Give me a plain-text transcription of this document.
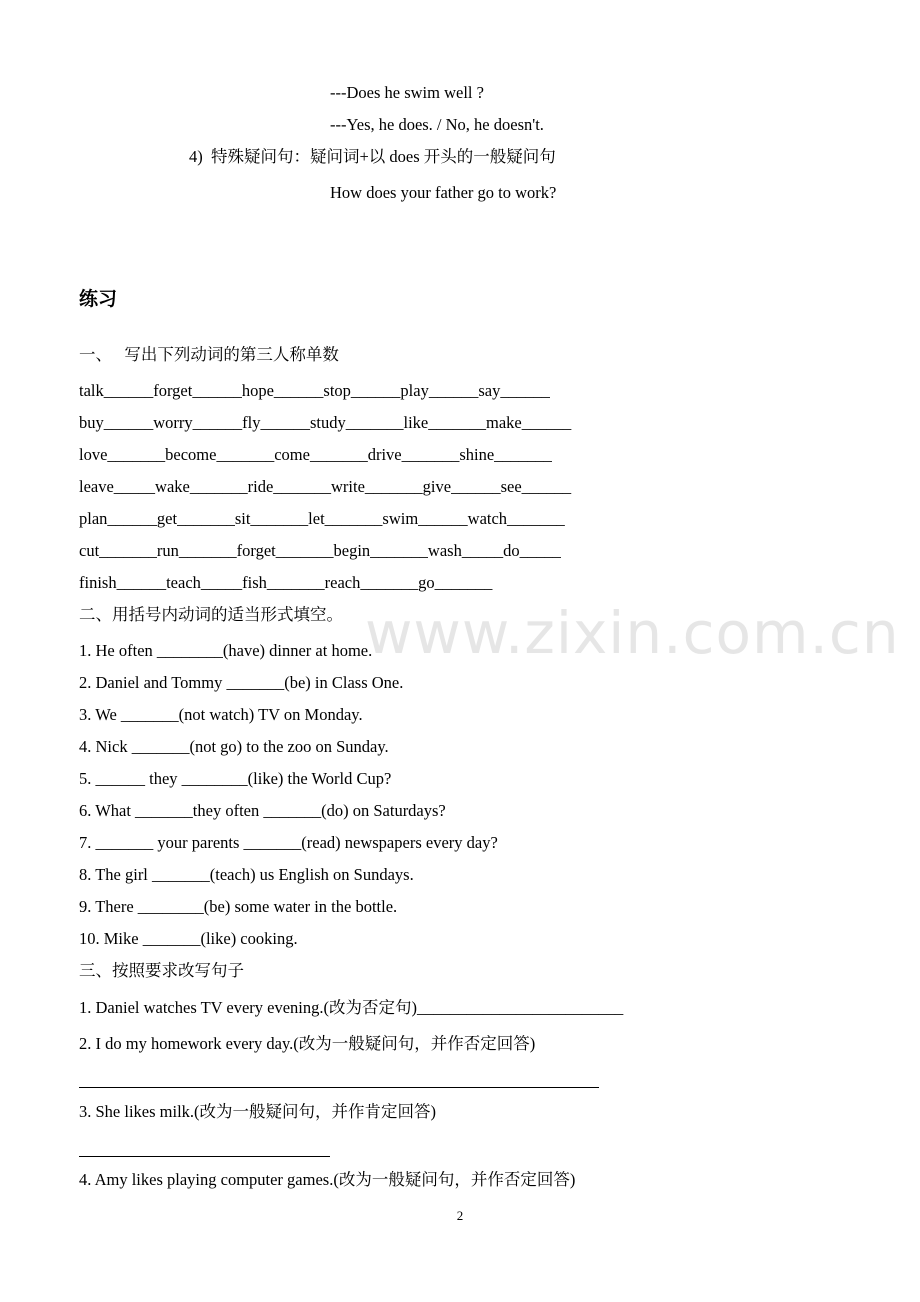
www.zixin.com.cn
---Does he swim well ?
---Yes, he does. / No, he doesn't.
4)  特殊疑问句：疑问词+以 does 开头的一般疑问句
How does your father go to work?
练习
一、   写出下列动词的第三人称单数
talk______forget______hope______stop______play______say______
buy______worry______fly______study_______like_______make______
love_______become_______come_______drive_______shine_______
leave_____wake_______ride_______write_______give______see______
plan______get_______sit_______let_______swim______watch_______
cut_______run_______forget_______begin_______wash_____do_____
finish______teach_____fish_______reach_______go_______
二、用括号内动词的适当形式填空。
1. He often ________(have) dinner at home.
2. Daniel and Tommy _______(be) in Class One.
3. We _______(not watch) TV on Monday.
4. Nick _______(not go) to the zoo on Sunday.
5. ______ they ________(like) the World Cup?
6. What _______they often _______(do) on Saturdays?
7. _______ your parents _______(read) newspapers every day?
8. The girl _______(teach) us English on Sundays.
9. There ________(be) some water in the bottle.
10. Mike _______(like) cooking.
三、按照要求改写句子
1. Daniel watches TV every evening.(改为否定句)_________________________
2. I do my homework every day.(改为一般疑问句，并作否定回答)
3. She likes milk.(改为一般疑问句，并作肯定回答)
4. Amy likes playing computer games.(改为一般疑问句，并作否定回答)
2
